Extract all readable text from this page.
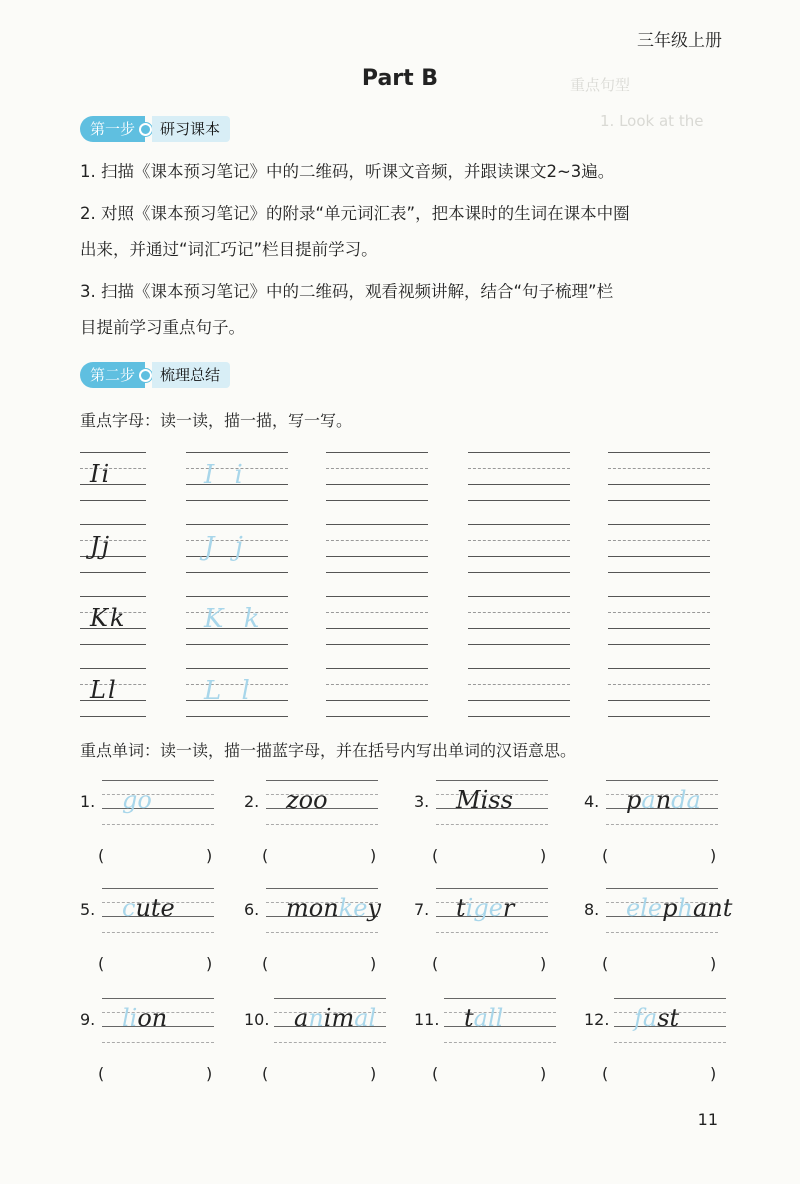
重点句型
1. Look at the
三年级上册
Part B
第一步	研习课本
1. 扫描《课本预习笔记》中的二维码，听课文音频，并跟读课文2~3遍。
2. 对照《课本预习笔记》的附录“单元词汇表”，把本课时的生词在课本中圈
出来，并通过“词汇巧记”栏目提前学习。
3. 扫描《课本预习笔记》中的二维码，观看视频讲解，结合“句子梳理”栏
目提前学习重点句子。
第二步	梳理总结
重点字母：读一读，描一描，写一写。
Ii	I i
Jj	J j
Kk	K k
Ll	L l
重点单词：读一读，描一描蓝字母，并在括号内写出单词的汉语意思。
1. go
(                    )
2. zoo
(                    )
3. Miss
(                    )
4. panda
(                    )
5. cute
(                    )
6. monkey
(                    )
7. tiger
(                    )
8. elephant
(                    )
9. lion
(                    )
10. animal
(                    )
11. tall
(                    )
12. fast
(                    )
11
